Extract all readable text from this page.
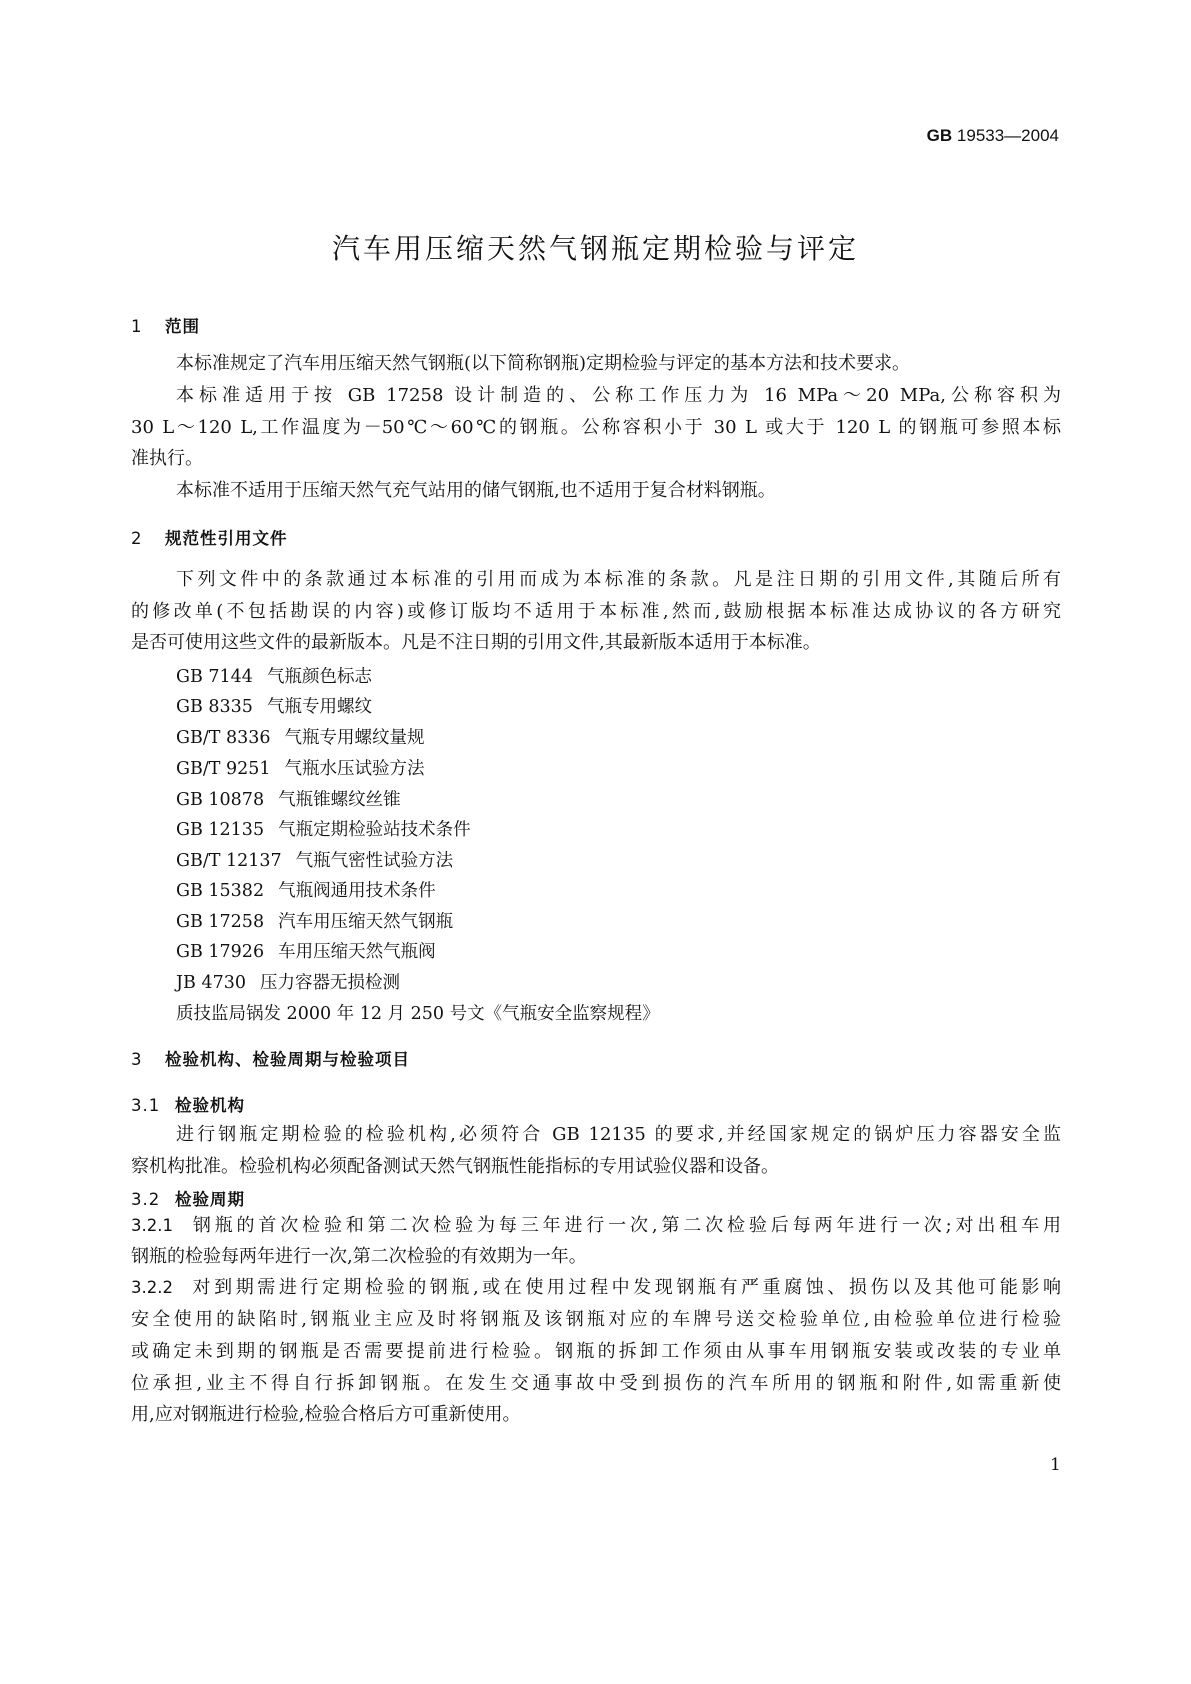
GB 19533—2004
汽车用压缩天然气钢瓶定期检验与评定
1 范围
本标准规定了汽车用压缩天然气钢瓶(以下简称钢瓶)定期检验与评定的基本方法和技术要求。
本标准适用于按 GB 17258 设计制造的、公称工作压力为 16 MPa～20 MPa,公称容积为
30 L～120 L,工作温度为－50℃～60℃的钢瓶。公称容积小于 30 L 或大于 120 L 的钢瓶可参照本标
准执行。
本标准不适用于压缩天然气充气站用的储气钢瓶,也不适用于复合材料钢瓶。
2 规范性引用文件
下列文件中的条款通过本标准的引用而成为本标准的条款。凡是注日期的引用文件,其随后所有
的修改单(不包括勘误的内容)或修订版均不适用于本标准,然而,鼓励根据本标准达成协议的各方研究
是否可使用这些文件的最新版本。凡是不注日期的引用文件,其最新版本适用于本标准。
GB 7144 气瓶颜色标志
GB 8335 气瓶专用螺纹
GB/T 8336 气瓶专用螺纹量规
GB/T 9251 气瓶水压试验方法
GB 10878 气瓶锥螺纹丝锥
GB 12135 气瓶定期检验站技术条件
GB/T 12137 气瓶气密性试验方法
GB 15382 气瓶阀通用技术条件
GB 17258 汽车用压缩天然气钢瓶
GB 17926 车用压缩天然气瓶阀
JB 4730 压力容器无损检测
质技监局锅发 2000 年 12 月 250 号文《气瓶安全监察规程》
3 检验机构、检验周期与检验项目
3.1 检验机构
进行钢瓶定期检验的检验机构,必须符合 GB 12135 的要求,并经国家规定的锅炉压力容器安全监
察机构批准。检验机构必须配备测试天然气钢瓶性能指标的专用试验仪器和设备。
3.2 检验周期
3.2.1 钢瓶的首次检验和第二次检验为每三年进行一次,第二次检验后每两年进行一次;对出租车用
钢瓶的检验每两年进行一次,第二次检验的有效期为一年。
3.2.2 对到期需进行定期检验的钢瓶,或在使用过程中发现钢瓶有严重腐蚀、损伤以及其他可能影响
安全使用的缺陷时,钢瓶业主应及时将钢瓶及该钢瓶对应的车牌号送交检验单位,由检验单位进行检验
或确定未到期的钢瓶是否需要提前进行检验。钢瓶的拆卸工作须由从事车用钢瓶安装或改装的专业单
位承担,业主不得自行拆卸钢瓶。在发生交通事故中受到损伤的汽车所用的钢瓶和附件,如需重新使
用,应对钢瓶进行检验,检验合格后方可重新使用。
1
